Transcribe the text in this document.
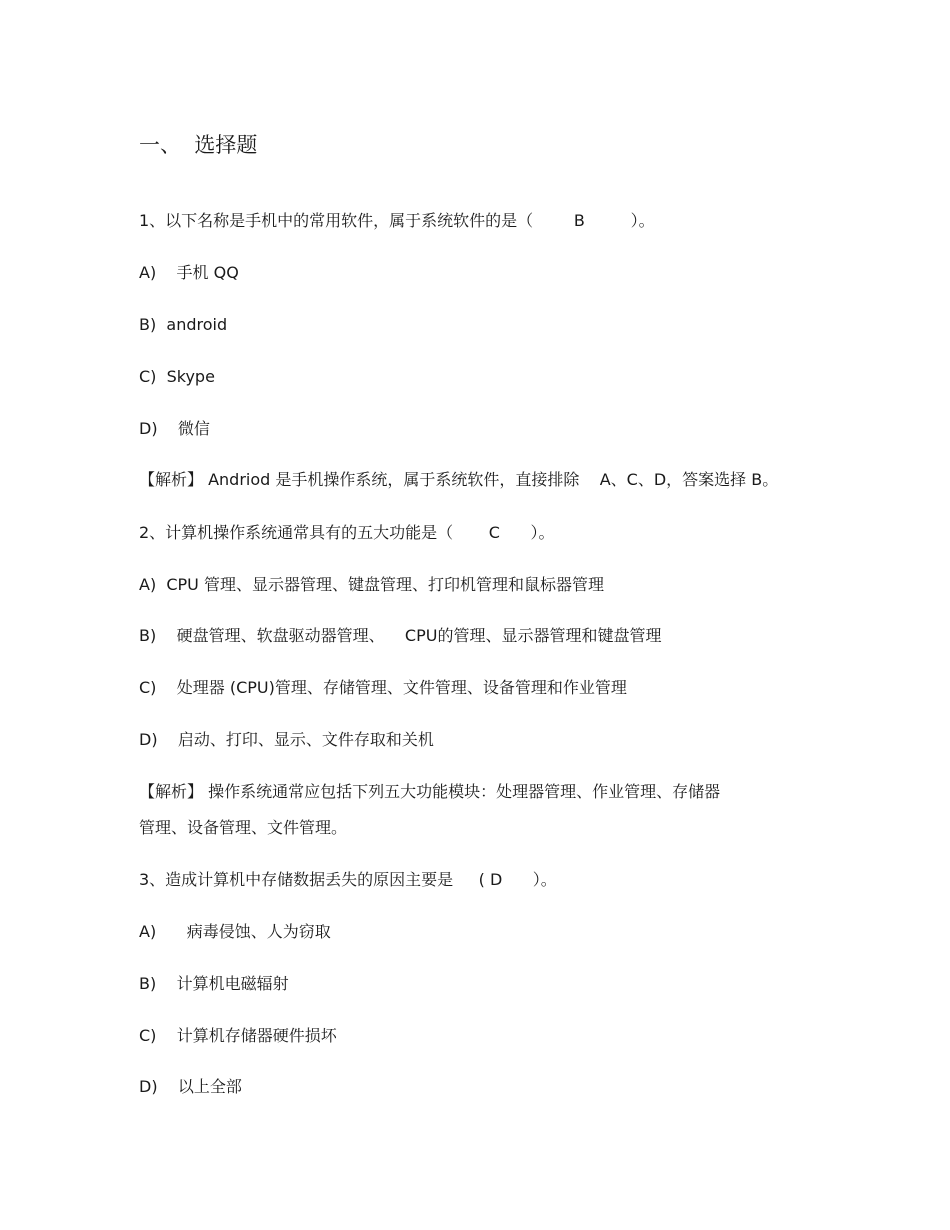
一、  选择题
1、以下名称是手机中的常用软件，属于系统软件的是（        B         ）。
A)    手机 QQ
B)  android
C)  Skype
D)    微信
【解析】 Andriod 是手机操作系统，属于系统软件，直接排除    A、C、D，答案选择 B。
2、计算机操作系统通常具有的五大功能是（       C      ）。
A)  CPU 管理、显示器管理、键盘管理、打印机管理和鼠标器管理
B)    硬盘管理、软盘驱动器管理、    CPU的管理、显示器管理和键盘管理
C)    处理器 (CPU)管理、存储管理、文件管理、设备管理和作业管理
D)    启动、打印、显示、文件存取和关机
【解析】 操作系统通常应包括下列五大功能模块：处理器管理、作业管理、存储器
管理、设备管理、文件管理。
3、造成计算机中存储数据丢失的原因主要是     ( D      ）。
A)      病毒侵蚀、人为窃取
B)    计算机电磁辐射
C)    计算机存储器硬件损坏
D)    以上全部
